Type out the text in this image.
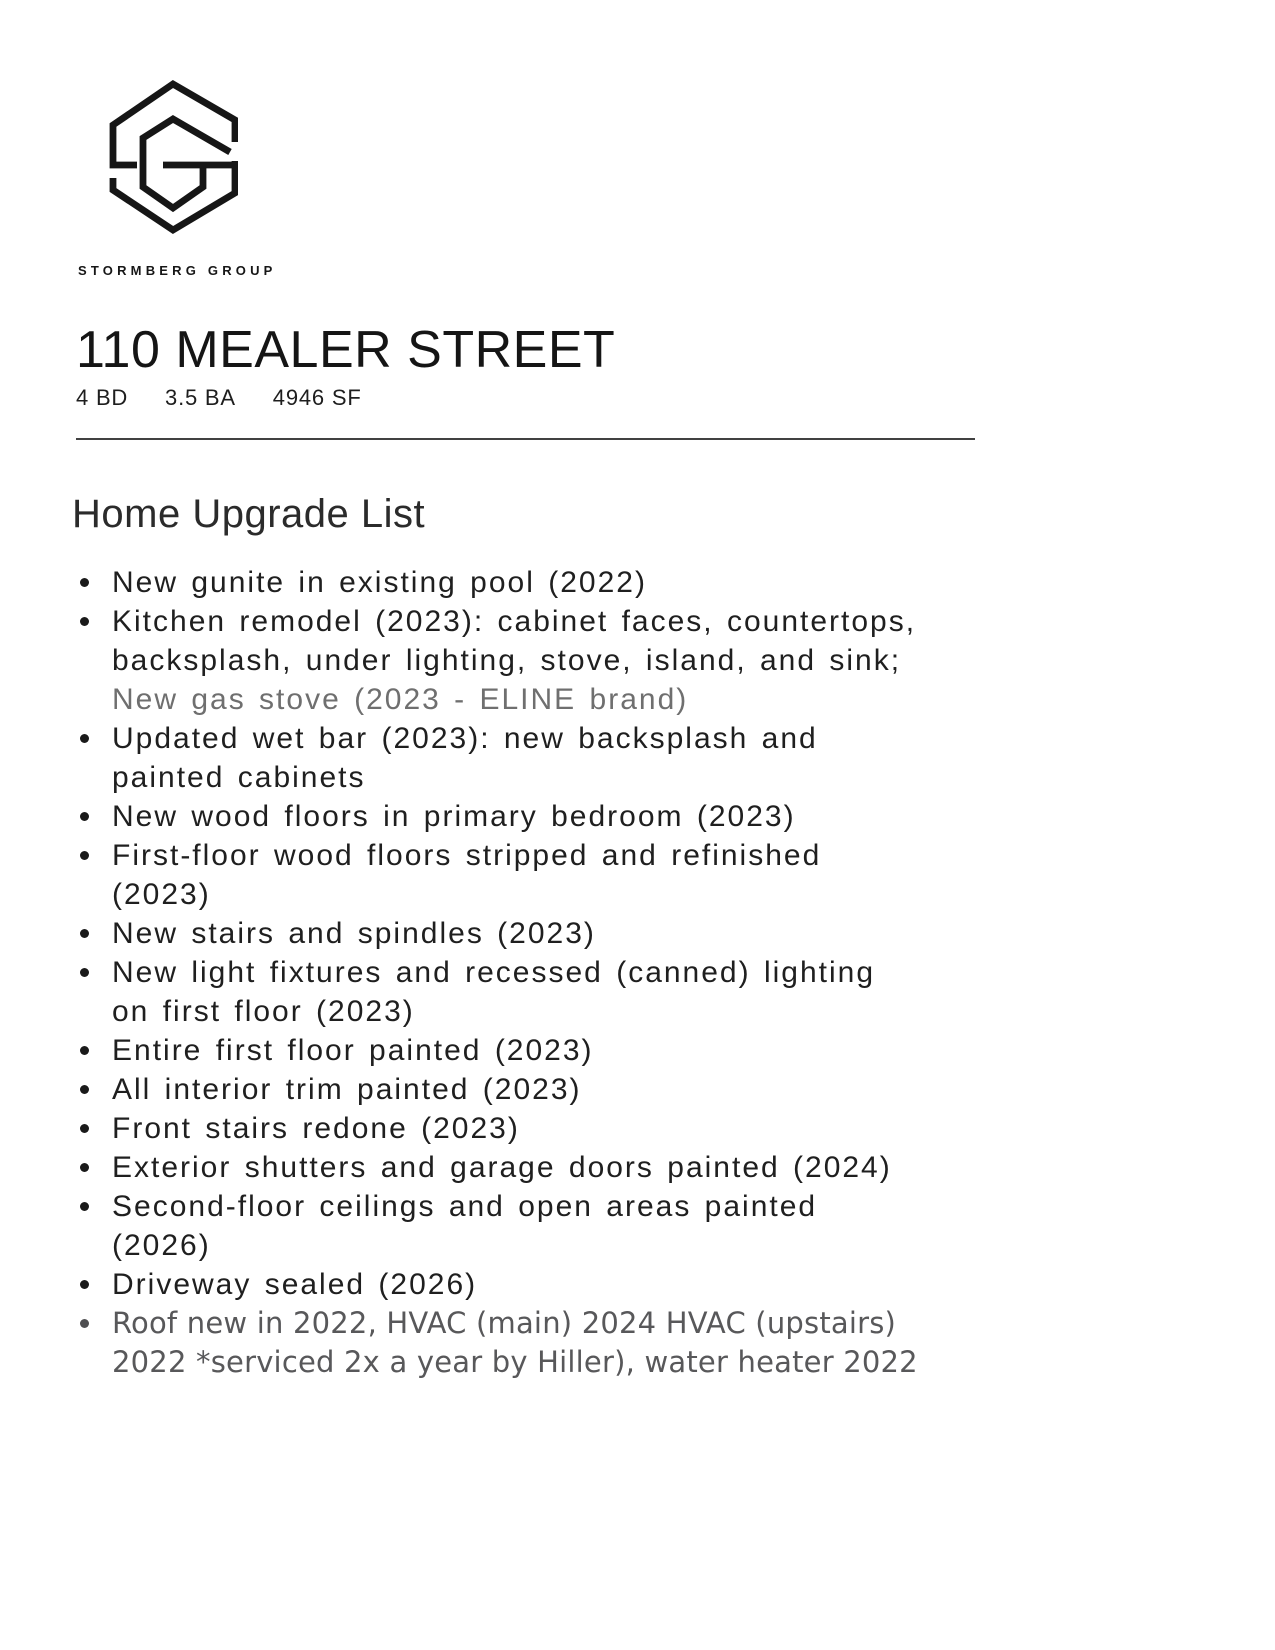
STORMBERG GROUP
110 MEALER STREET
4 BD 3.5 BA 4946 SF
Home Upgrade List
New gunite in existing pool (2022)
Kitchen remodel (2023): cabinet faces, countertops, backsplash, under lighting, stove, island, and sink; New gas stove (2023 - ELINE brand)
Updated wet bar (2023): new backsplash and painted cabinets
New wood floors in primary bedroom (2023)
First-floor wood floors stripped and refinished (2023)
New stairs and spindles (2023)
New light fixtures and recessed (canned) lighting on first floor (2023)
Entire first floor painted (2023)
All interior trim painted (2023)
Front stairs redone (2023)
Exterior shutters and garage doors painted (2024)
Second-floor ceilings and open areas painted (2026)
Driveway sealed (2026)
Roof new in 2022, HVAC (main) 2024 HVAC (upstairs) 2022 *serviced 2x a year by Hiller), water heater 2022
